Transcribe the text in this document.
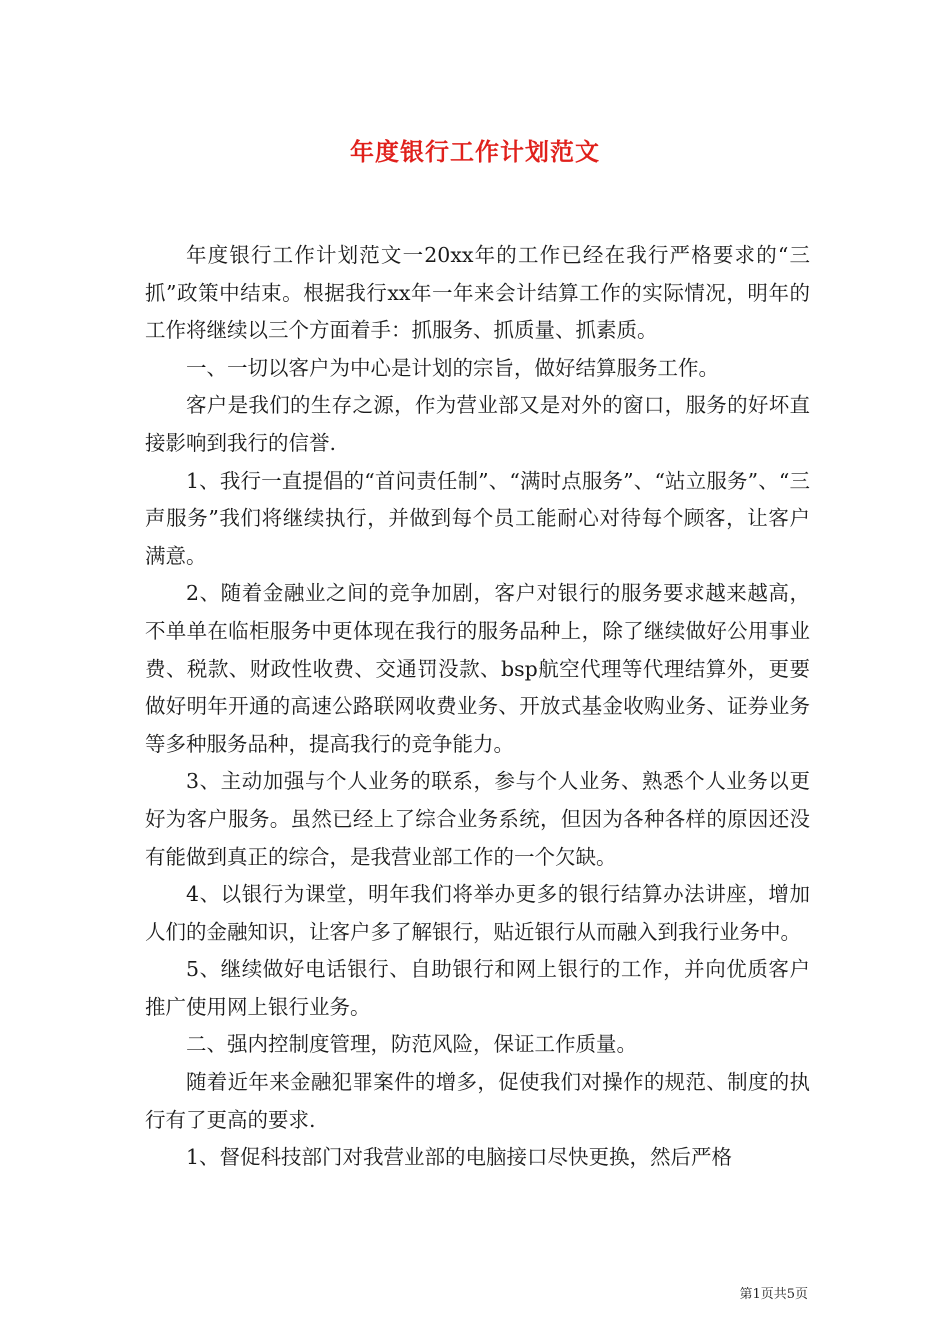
年度银行工作计划范文

年度银行工作计划范文一20xx年的工作已经在我行严格要求的“三抓”政策中结束。根据我行xx年一年来会计结算工作的实际情况，明年的工作将继续以三个方面着手：抓服务、抓质量、抓素质。

一、一切以客户为中心是计划的宗旨，做好结算服务工作。

客户是我们的生存之源，作为营业部又是对外的窗口，服务的好坏直接影响到我行的信誉.

1、我行一直提倡的“首问责任制”、“满时点服务”、“站立服务”、“三声服务”我们将继续执行，并做到每个员工能耐心对待每个顾客，让客户满意。

2、随着金融业之间的竞争加剧，客户对银行的服务要求越来越高，不单单在临柜服务中更体现在我行的服务品种上，除了继续做好公用事业费、税款、财政性收费、交通罚没款、bsp航空代理等代理结算外，更要做好明年开通的高速公路联网收费业务、开放式基金收购业务、证券业务等多种服务品种，提高我行的竞争能力。

3、主动加强与个人业务的联系，参与个人业务、熟悉个人业务以更好为客户服务。虽然已经上了综合业务系统，但因为各种各样的原因还没有能做到真正的综合，是我营业部工作的一个欠缺。

4、以银行为课堂，明年我们将举办更多的银行结算办法讲座，增加人们的金融知识，让客户多了解银行，贴近银行从而融入到我行业务中。

5、继续做好电话银行、自助银行和网上银行的工作，并向优质客户推广使用网上银行业务。

二、强内控制度管理，防范风险，保证工作质量。

随着近年来金融犯罪案件的增多，促使我们对操作的规范、制度的执行有了更高的要求.

1、督促科技部门对我营业部的电脑接口尽快更换，然后严格

第1页共5页
